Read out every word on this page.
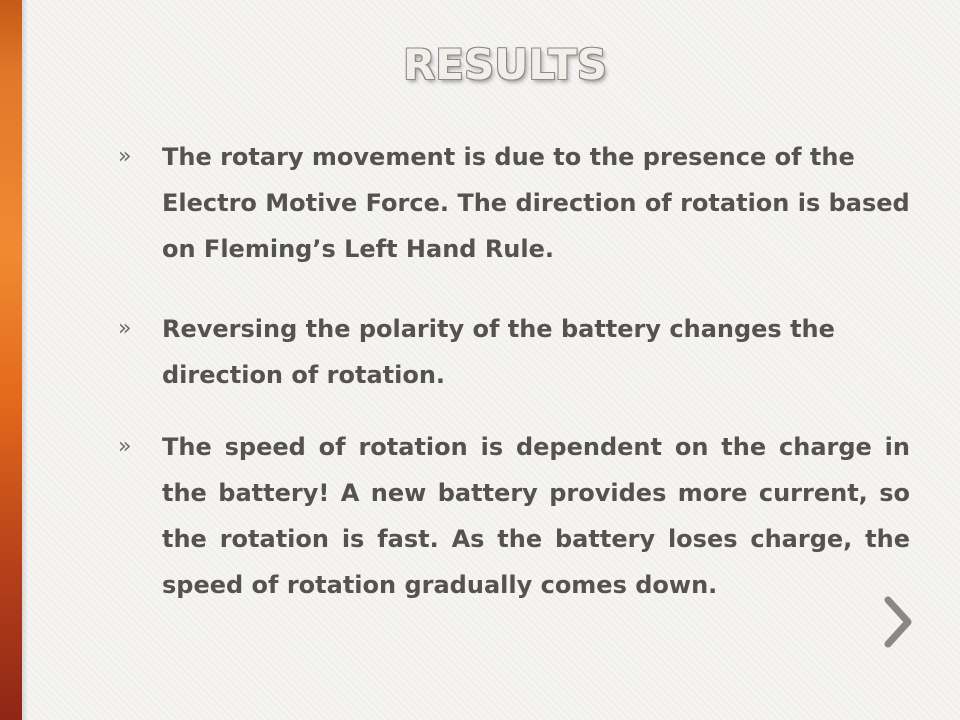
RESULTS
»	The rotary movement is due to the presence of the Electro Motive Force. The direction of rotation is based on Fleming’s Left Hand Rule.

»	Reversing the polarity of the battery changes the direction of rotation.

»	The speed of rotation is dependent on the charge in the battery! A new battery provides more current, so the rotation is fast. As the battery loses charge, the speed of rotation gradually comes down.
